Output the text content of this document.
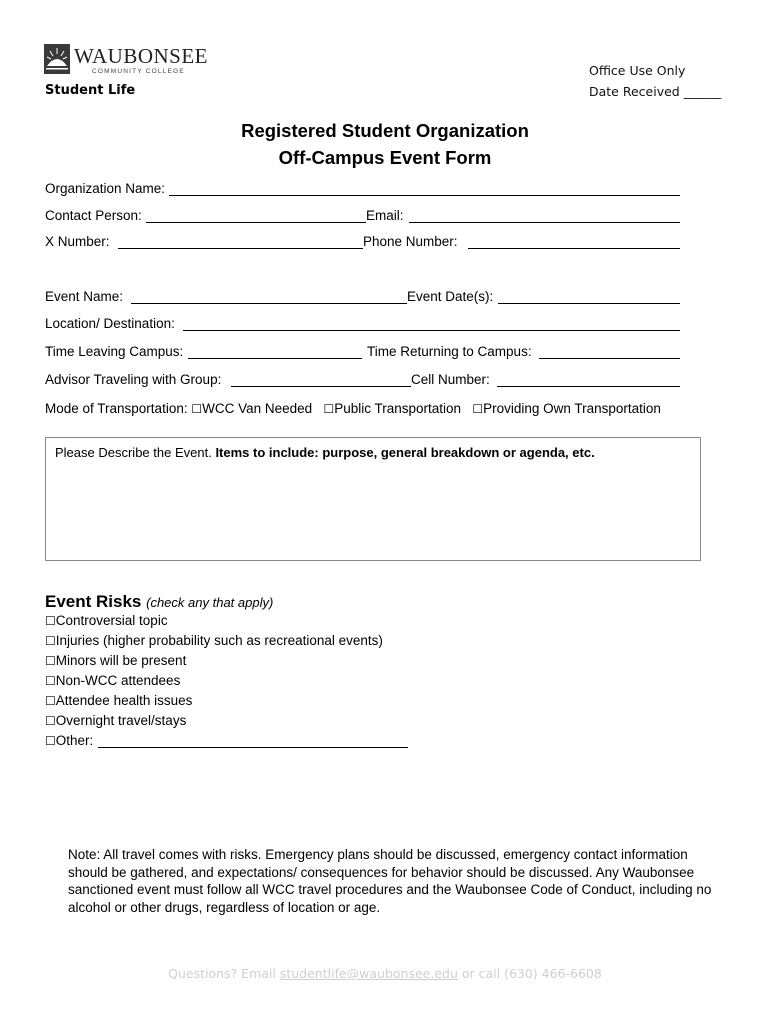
WAUBONSEE
COMMUNITY COLLEGE
Student Life
Office Use Only
Date Received ______
Registered Student Organization
Off-Campus Event Form
Organization Name:
Contact Person:	Email:
X Number:	Phone Number:
Event Name:	Event Date(s):
Location/ Destination:
Time Leaving Campus:	Time Returning to Campus:
Advisor Traveling with Group:	Cell Number:
Mode of Transportation: ☐WCC Van Needed ☐Public Transportation ☐Providing Own Transportation
Please Describe the Event. Items to include: purpose, general breakdown or agenda, etc.
Event Risks (check any that apply)
☐Controversial topic
☐Injuries (higher probability such as recreational events)
☐Minors will be present
☐Non-WCC attendees
☐Attendee health issues
☐Overnight travel/stays
☐Other:
Note: All travel comes with risks. Emergency plans should be discussed, emergency contact information should be gathered, and expectations/ consequences for behavior should be discussed. Any Waubonsee sanctioned event must follow all WCC travel procedures and the Waubonsee Code of Conduct, including no alcohol or other drugs, regardless of location or age.
Questions? Email studentlife@waubonsee.edu or call (630) 466-6608
